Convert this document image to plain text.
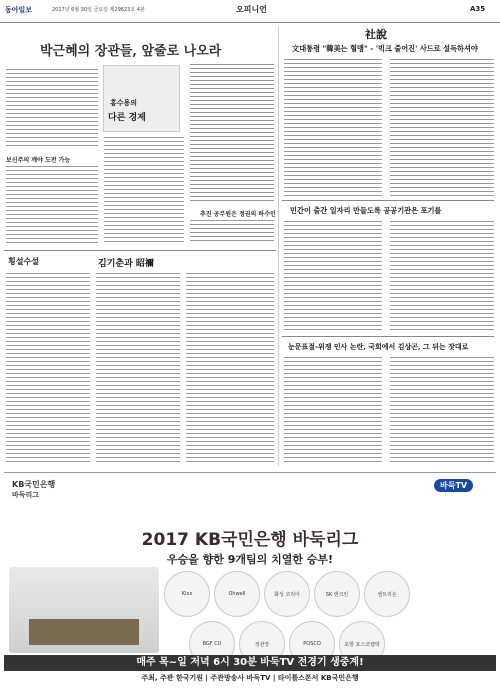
동아일보	2017년 6월 30일 금요일 제29623호 4판	오피니언	A35
박근혜의 장관들, 앞줄로 나오라
홍수용의
다른 경제
보신주의 깨야 도전 가능
추진 공무원은 정권의 하수인
횡설수설	김기춘과 昭禰
社說
文대통령 "韓美는 혈맹" - '빅크 줄어진' 사드로 설득하셔야
민간이 출간 일자리 만들도록 공공기관은 포기를
눈문표절-위쟁 인사 논란, 국회에서 김상곤, 그 뒤는 잣대로
KB국민은행
바둑리그
바둑TV
2017 KB국민은행 바둑리그
우승을 향한 9개팀의 치열한 승부!
Kixx	Ohwell	화성 코리아	SK 엔크린	셀트리온
BGF CU	정관장	POSCO	포항 포스코켐텍
매주 목~일 저녁 6시 30분 바둑TV 전경기 생중계!
주최, 주관 한국기원 | 주관방송사 바둑TV | 타이틀스폰서 KB국민은행
